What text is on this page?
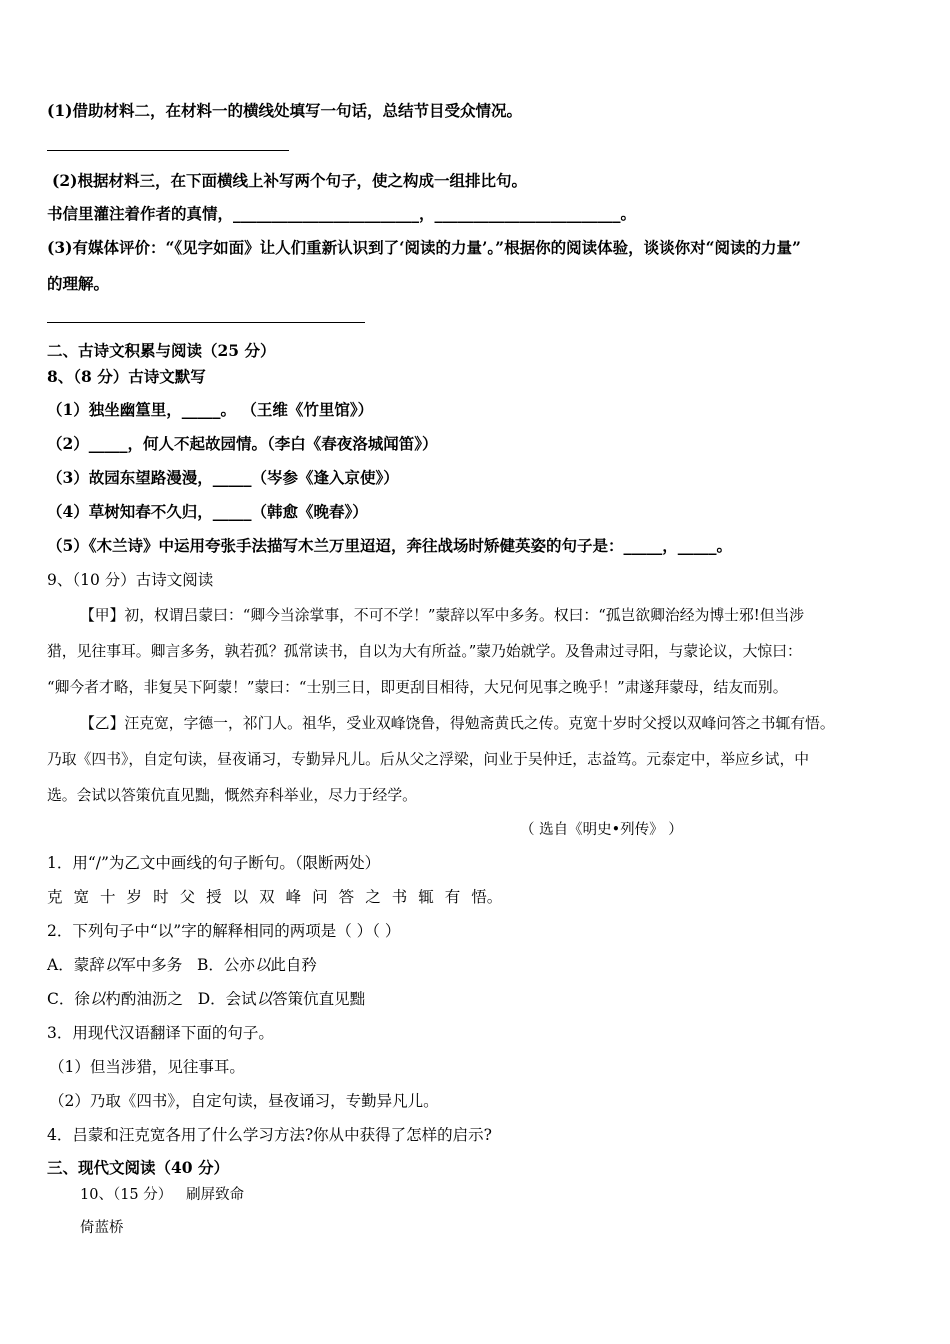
(1)借助材料二，在材料一的横线处填写一句话，总结节目受众情况。
(2)根据材料三，在下面横线上补写两个句子，使之构成一组排比句。
书信里灌注着作者的真情，________________________，________________________。
(3)有媒体评价：“《见字如面》让人们重新认识到了‘阅读的力量’。”根据你的阅读体验，谈谈你对“阅读的力量”
的理解。
二、古诗文积累与阅读（25 分）
8、（8 分）古诗文默写
（1）独坐幽篁里，_____。 （王维《竹里馆》）
（2）_____，何人不起故园情。（李白《春夜洛城闻笛》）
（3）故园东望路漫漫，_____（岑参《逢入京使》）
（4）草树知春不久归，_____（韩愈《晚春》）
（5）《木兰诗》中运用夸张手法描写木兰万里迢迢，奔往战场时矫健英姿的句子是：_____，_____。
9、（10 分）古诗文阅读
【甲】初，权谓吕蒙曰：“卿今当涂掌事，不可不学！”蒙辞以军中多务。权曰：“孤岂欲卿治经为博士邪!但当涉
猎，见往事耳。卿言多务，孰若孤？孤常读书，自以为大有所益。”蒙乃始就学。及鲁肃过寻阳，与蒙论议，大惊曰：
“卿今者才略，非复吴下阿蒙！”蒙曰：“士别三日，即更刮目相待，大兄何见事之晚乎！”肃遂拜蒙母，结友而别。
【乙】汪克宽，字德一，祁门人。祖华，受业双峰饶鲁，得勉斋黄氏之传。克宽十岁时父授以双峰问答之书辄有悟。
乃取《四书》，自定句读，昼夜诵习，专勤异凡儿。后从父之浮梁，问业于吴仲迁，志益笃。元泰定中，举应乡试，中
选。会试以答策伉直见黜，慨然弃科举业，尽力于经学。
（ 选自《明史•列传》 ）
1．用“/”为乙文中画线的句子断句。（限断两处）
克 宽 十 岁 时 父 授 以 双 峰 问 答 之 书 辄 有 悟。
2．下列句子中“以”字的解释相同的两项是（ ）（ ）
A．蒙辞以军中多务 B．公亦以此自矜
C．徐以杓酌油沥之 D．会试以答策伉直见黜
3．用现代汉语翻译下面的句子。
（1）但当涉猎，见往事耳。
（2）乃取《四书》，自定句读，昼夜诵习，专勤异凡儿。
4．吕蒙和汪克宽各用了什么学习方法?你从中获得了怎样的启示?
三、现代文阅读（40 分）
10、（15 分）   刷屏致命
倚蓝桥
